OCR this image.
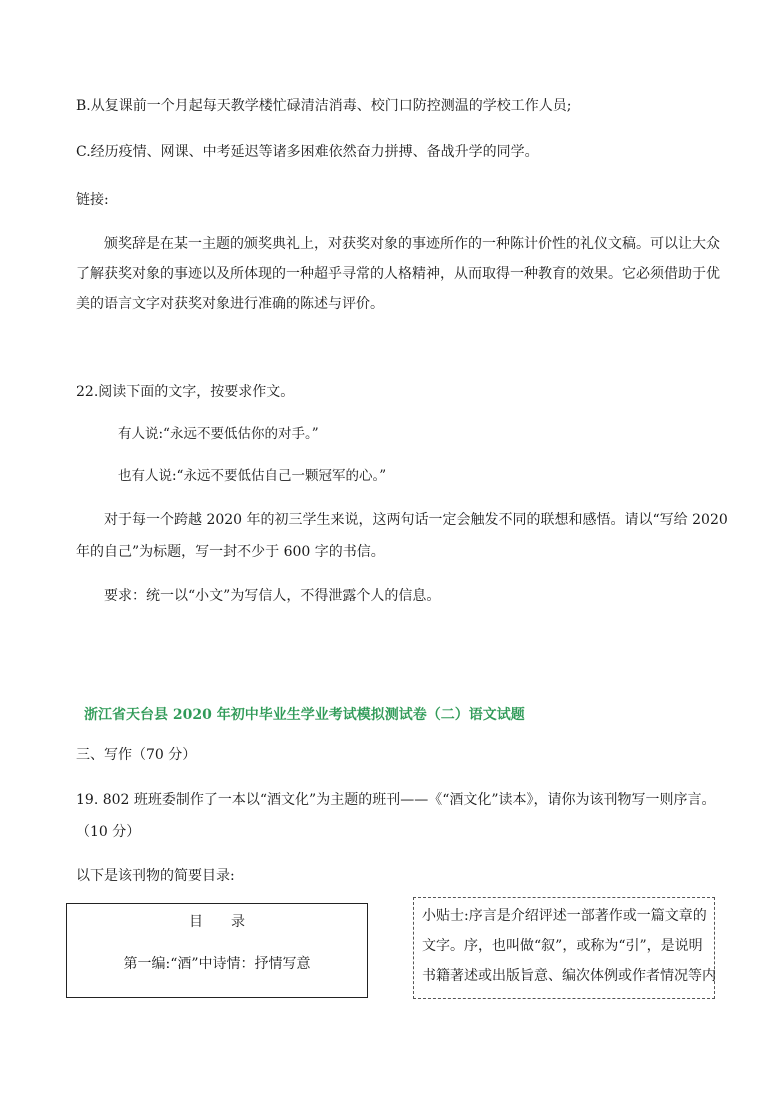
B.从复课前一个月起每天教学楼忙碌清洁消毒、校门口防控测温的学校工作人员;
C.经历疫情、网课、中考延迟等诸多困难依然奋力拼搏、备战升学的同学。
链接:
颁奖辞是在某一主题的颁奖典礼上，对获奖对象的事迹所作的一种陈计价性的礼仪文稿。可以让大众
了解获奖对象的事迹以及所体现的一种超乎寻常的人格精神，从而取得一种教育的效果。它必须借助于优
美的语言文字对获奖对象进行准确的陈述与评价。
22.阅读下面的文字，按要求作文。
有人说:“永远不要低估你的对手。”
也有人说:“永远不要低估自己一颗冠军的心。”
对于每一个跨越 2020 年的初三学生来说，这两句话一定会触发不同的联想和感悟。请以“写给 2020
年的自己”为标题，写一封不少于 600 字的书信。
要求：统一以“小文”为写信人，不得泄露个人的信息。
浙江省天台县 2020 年初中毕业生学业考试模拟测试卷（二）语文试题
三、写作（70 分）
19. 802 班班委制作了一本以“酒文化”为主题的班刊——《“酒文化”读本》，请你为该刊物写一则序言。
（10 分）
以下是该刊物的简要目录:
目　　录
第一编:“酒”中诗情：抒情写意
小贴士:序言是介绍评述一部著作或一篇文章的
文字。序，也叫做“叙”，或称为“引”，是说明
书籍著述或出版旨意、编次体例或作者情况等内
